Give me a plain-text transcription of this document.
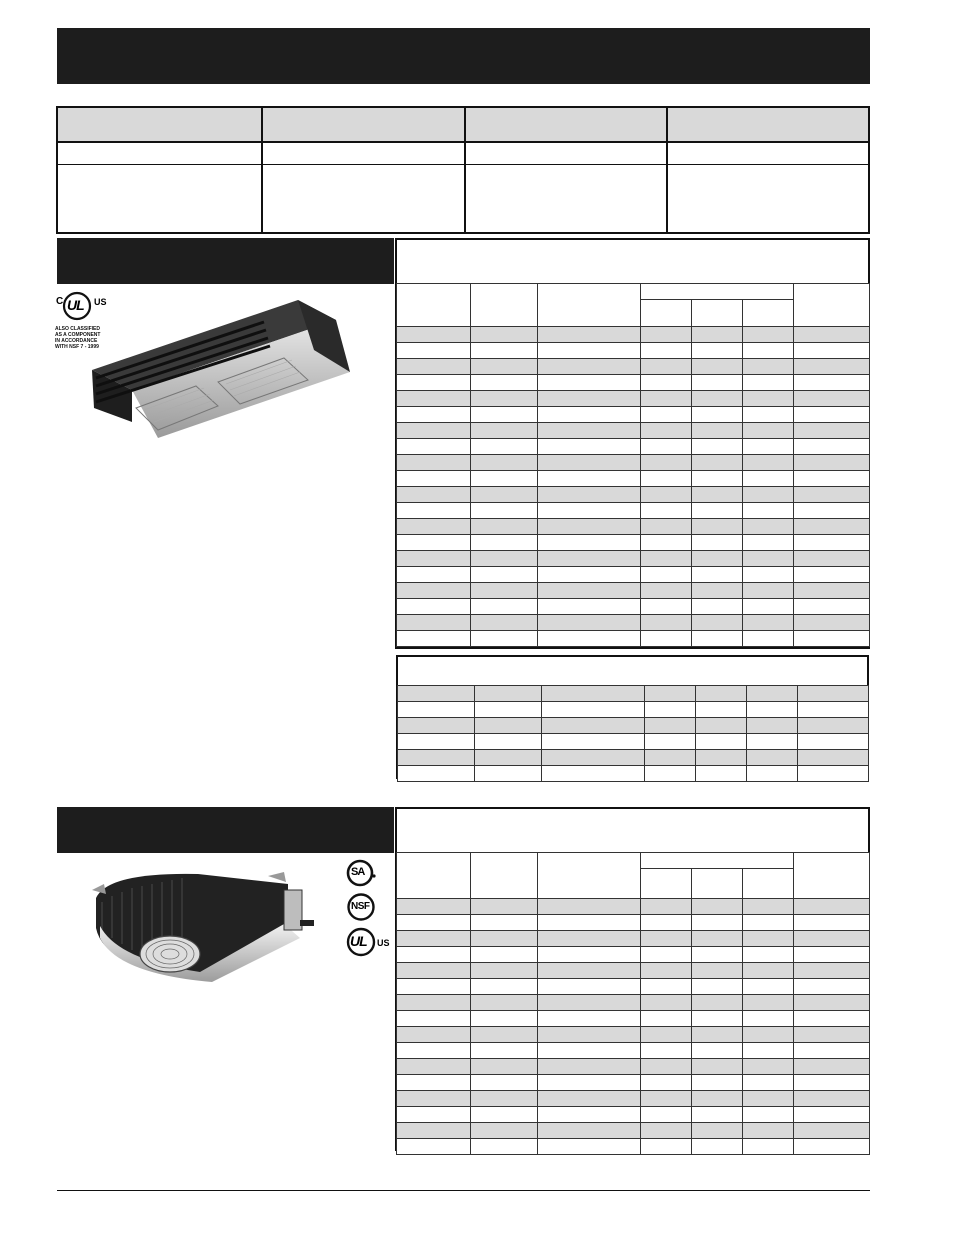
C UL US
ALSO CLASSIFIED
AS A COMPONENT
IN ACCORDANCE
WITH NSF 7 - 1999

SA
NSF
UL US
